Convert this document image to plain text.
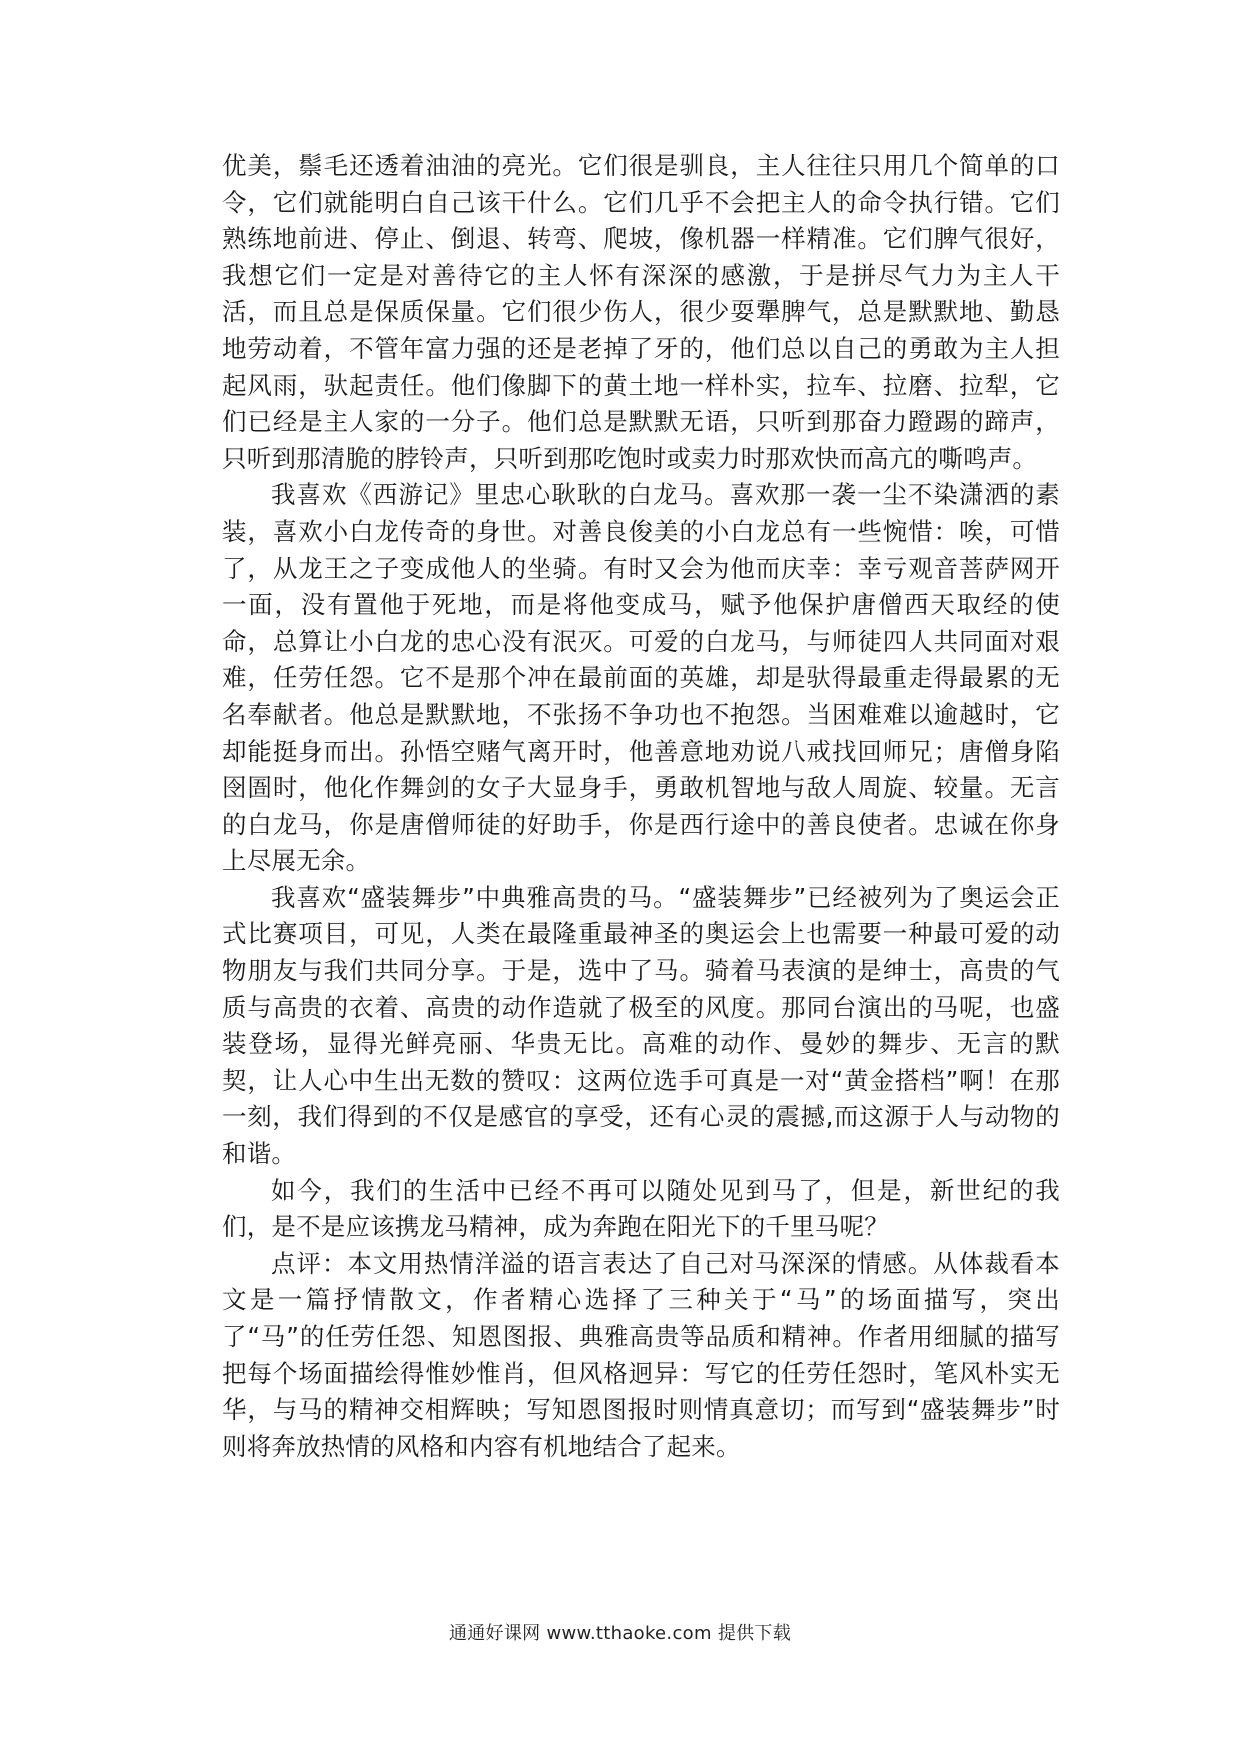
优美，鬃毛还透着油油的亮光。它们很是驯良，主人往往只用几个简单的口令，它们就能明白自己该干什么。它们几乎不会把主人的命令执行错。它们熟练地前进、停止、倒退、转弯、爬坡，像机器一样精准。它们脾气很好，我想它们一定是对善待它的主人怀有深深的感激，于是拼尽气力为主人干活，而且总是保质保量。它们很少伤人，很少耍犟脾气，总是默默地、勤恳地劳动着，不管年富力强的还是老掉了牙的，他们总以自己的勇敢为主人担起风雨，驮起责任。他们像脚下的黄土地一样朴实，拉车、拉磨、拉犁，它们已经是主人家的一分子。他们总是默默无语，只听到那奋力蹬踢的蹄声，只听到那清脆的脖铃声，只听到那吃饱时或卖力时那欢快而高亢的嘶鸣声。

我喜欢《西游记》里忠心耿耿的白龙马。喜欢那一袭一尘不染潇洒的素装，喜欢小白龙传奇的身世。对善良俊美的小白龙总有一些惋惜：唉，可惜了，从龙王之子变成他人的坐骑。有时又会为他而庆幸：幸亏观音菩萨网开一面，没有置他于死地，而是将他变成马，赋予他保护唐僧西天取经的使命，总算让小白龙的忠心没有泯灭。可爱的白龙马，与师徒四人共同面对艰难，任劳任怨。它不是那个冲在最前面的英雄，却是驮得最重走得最累的无名奉献者。他总是默默地，不张扬不争功也不抱怨。当困难难以逾越时，它却能挺身而出。孙悟空赌气离开时，他善意地劝说八戒找回师兄；唐僧身陷囹圄时，他化作舞剑的女子大显身手，勇敢机智地与敌人周旋、较量。无言的白龙马，你是唐僧师徒的好助手，你是西行途中的善良使者。忠诚在你身上尽展无余。

我喜欢“盛装舞步”中典雅高贵的马。“盛装舞步”已经被列为了奥运会正式比赛项目，可见，人类在最隆重最神圣的奥运会上也需要一种最可爱的动物朋友与我们共同分享。于是，选中了马。骑着马表演的是绅士，高贵的气质与高贵的衣着、高贵的动作造就了极至的风度。那同台演出的马呢，也盛装登场，显得光鲜亮丽、华贵无比。高难的动作、曼妙的舞步、无言的默契，让人心中生出无数的赞叹：这两位选手可真是一对“黄金搭档”啊！在那一刻，我们得到的不仅是感官的享受，还有心灵的震撼,而这源于人与动物的和谐。

如今，我们的生活中已经不再可以随处见到马了，但是，新世纪的我们，是不是应该携龙马精神，成为奔跑在阳光下的千里马呢？

点评：本文用热情洋溢的语言表达了自己对马深深的情感。从体裁看本文是一篇抒情散文，作者精心选择了三种关于“马”的场面描写，突出了“马”的任劳任怨、知恩图报、典雅高贵等品质和精神。作者用细腻的描写把每个场面描绘得惟妙惟肖，但风格迥异：写它的任劳任怨时，笔风朴实无华，与马的精神交相辉映；写知恩图报时则情真意切；而写到“盛装舞步”时则将奔放热情的风格和内容有机地结合了起来。

通通好课网 www.tthaoke.com 提供下载
